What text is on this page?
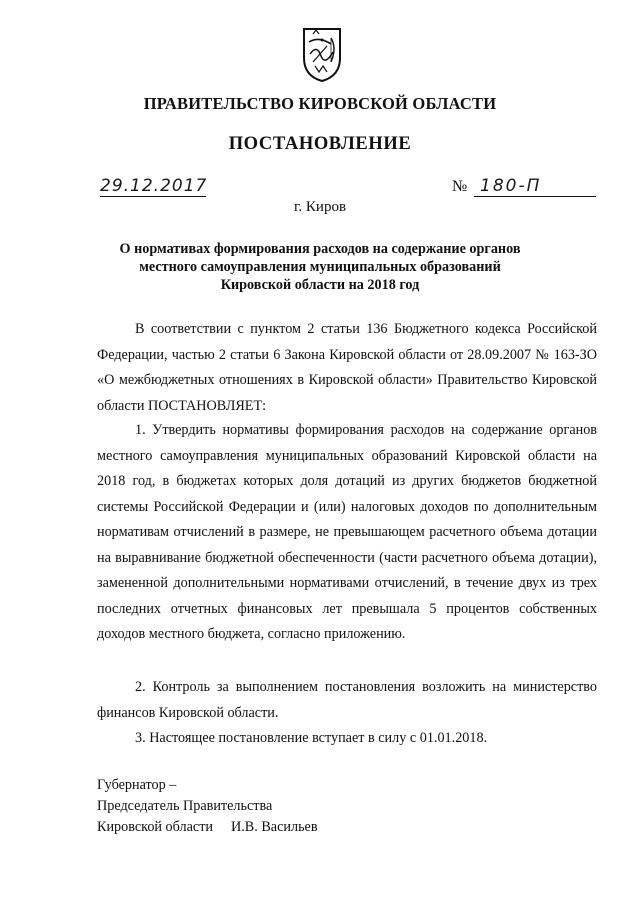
ПРАВИТЕЛЬСТВО КИРОВСКОЙ ОБЛАСТИ
ПОСТАНОВЛЕНИЕ
29.12.2017	№ 180-П
г. Киров
О нормативах формирования расходов на содержание органов
местного самоуправления муниципальных образований
Кировской области на 2018 год

В соответствии с пунктом 2 статьи 136 Бюджетного кодекса Российской Федерации, частью 2 статьи 6 Закона Кировской области от 28.09.2007 № 163-ЗО «О межбюджетных отношениях в Кировской области» Правительство Кировской области ПОСТАНОВЛЯЕТ:

1. Утвердить нормативы формирования расходов на содержание органов местного самоуправления муниципальных образований Кировской области на 2018 год, в бюджетах которых доля дотаций из других бюджетов бюджетной системы Российской Федерации и (или) налоговых доходов по дополнительным нормативам отчислений в размере, не превышающем расчетного объема дотации на выравнивание бюджетной обеспеченности (части расчетного объема дотации), замененной дополнительными нормативами отчислений, в течение двух из трех последних отчетных финансовых лет превышала 5 процентов собственных доходов местного бюджета, согласно приложению.

2. Контроль за выполнением постановления возложить на министерство финансов Кировской области.

3. Настоящее постановление вступает в силу с 01.01.2018.

Губернатор –
Председатель Правительства
Кировской области И.В. Васильев
